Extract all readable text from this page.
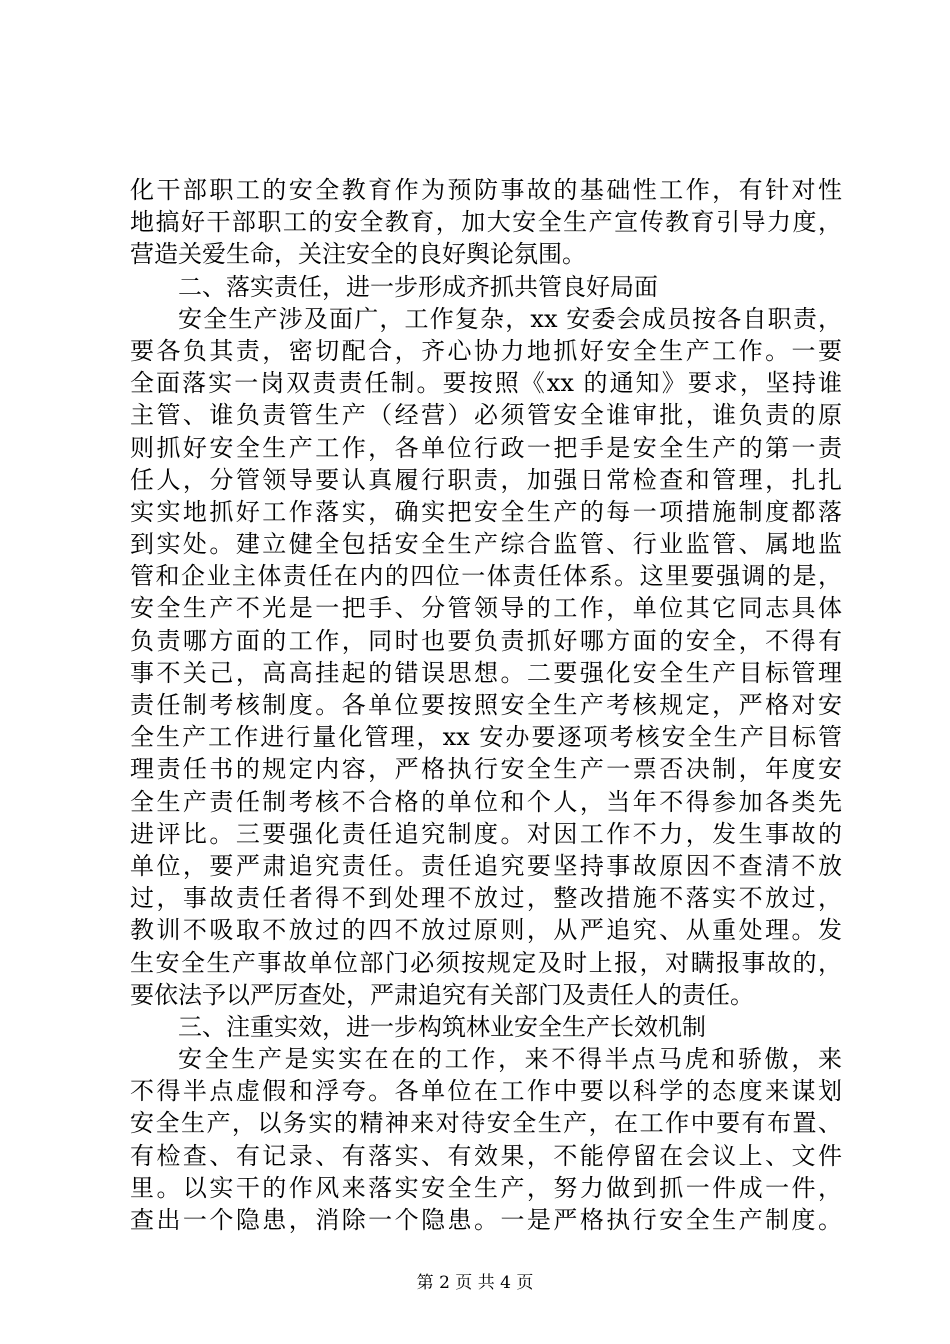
化干部职工的安全教育作为预防事故的基础性工作，有针对性
地搞好干部职工的安全教育，加大安全生产宣传教育引导力度，
营造关爱生命，关注安全的良好舆论氛围。
二、落实责任，进一步形成齐抓共管良好局面
安全生产涉及面广，工作复杂，xx 安委会成员按各自职责，
要各负其责，密切配合，齐心协力地抓好安全生产工作。一要
全面落实一岗双责责任制。要按照《xx 的通知》要求，坚持谁
主管、谁负责管生产（经营）必须管安全谁审批，谁负责的原
则抓好安全生产工作，各单位行政一把手是安全生产的第一责
任人，分管领导要认真履行职责，加强日常检查和管理，扎扎
实实地抓好工作落实，确实把安全生产的每一项措施制度都落
到实处。建立健全包括安全生产综合监管、行业监管、属地监
管和企业主体责任在内的四位一体责任体系。这里要强调的是，
安全生产不光是一把手、分管领导的工作，单位其它同志具体
负责哪方面的工作，同时也要负责抓好哪方面的安全，不得有
事不关己，高高挂起的错误思想。二要强化安全生产目标管理
责任制考核制度。各单位要按照安全生产考核规定，严格对安
全生产工作进行量化管理，xx 安办要逐项考核安全生产目标管
理责任书的规定内容，严格执行安全生产一票否决制，年度安
全生产责任制考核不合格的单位和个人，当年不得参加各类先
进评比。三要强化责任追究制度。对因工作不力，发生事故的
单位，要严肃追究责任。责任追究要坚持事故原因不查清不放
过，事故责任者得不到处理不放过，整改措施不落实不放过，
教训不吸取不放过的四不放过原则，从严追究、从重处理。发
生安全生产事故单位部门必须按规定及时上报，对瞒报事故的，
要依法予以严厉查处，严肃追究有关部门及责任人的责任。
三、注重实效，进一步构筑林业安全生产长效机制
安全生产是实实在在的工作，来不得半点马虎和骄傲，来
不得半点虚假和浮夸。各单位在工作中要以科学的态度来谋划
安全生产，以务实的精神来对待安全生产，在工作中要有布置、
有检查、有记录、有落实、有效果，不能停留在会议上、文件
里。以实干的作风来落实安全生产，努力做到抓一件成一件，
查出一个隐患，消除一个隐患。一是严格执行安全生产制度。
第 2 页 共 4 页
